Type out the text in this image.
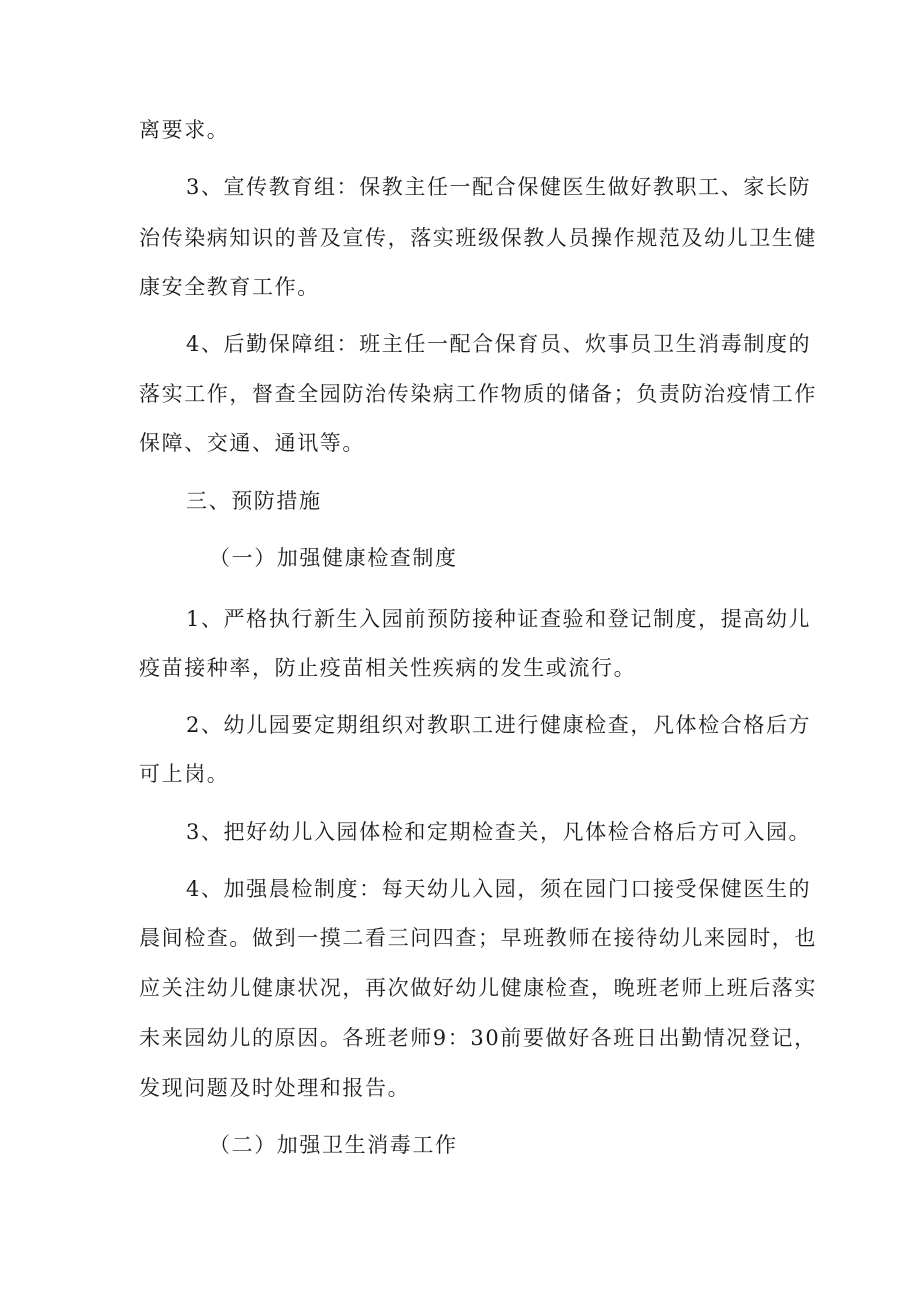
离要求。
3、宣传教育组：保教主任一配合保健医生做好教职工、家长防
治传染病知识的普及宣传，落实班级保教人员操作规范及幼儿卫生健
康安全教育工作。
4、后勤保障组：班主任一配合保育员、炊事员卫生消毒制度的
落实工作，督查全园防治传染病工作物质的储备；负责防治疫情工作
保障、交通、通讯等。
三、预防措施
（一）加强健康检查制度
1、严格执行新生入园前预防接种证查验和登记制度，提高幼儿
疫苗接种率，防止疫苗相关性疾病的发生或流行。
2、幼儿园要定期组织对教职工进行健康检查，凡体检合格后方
可上岗。
3、把好幼儿入园体检和定期检查关，凡体检合格后方可入园。
4、加强晨检制度：每天幼儿入园，须在园门口接受保健医生的
晨间检查。做到一摸二看三问四查；早班教师在接待幼儿来园时，也
应关注幼儿健康状况，再次做好幼儿健康检查，晚班老师上班后落实
未来园幼儿的原因。各班老师9：30前要做好各班日出勤情况登记，
发现问题及时处理和报告。
（二）加强卫生消毒工作
